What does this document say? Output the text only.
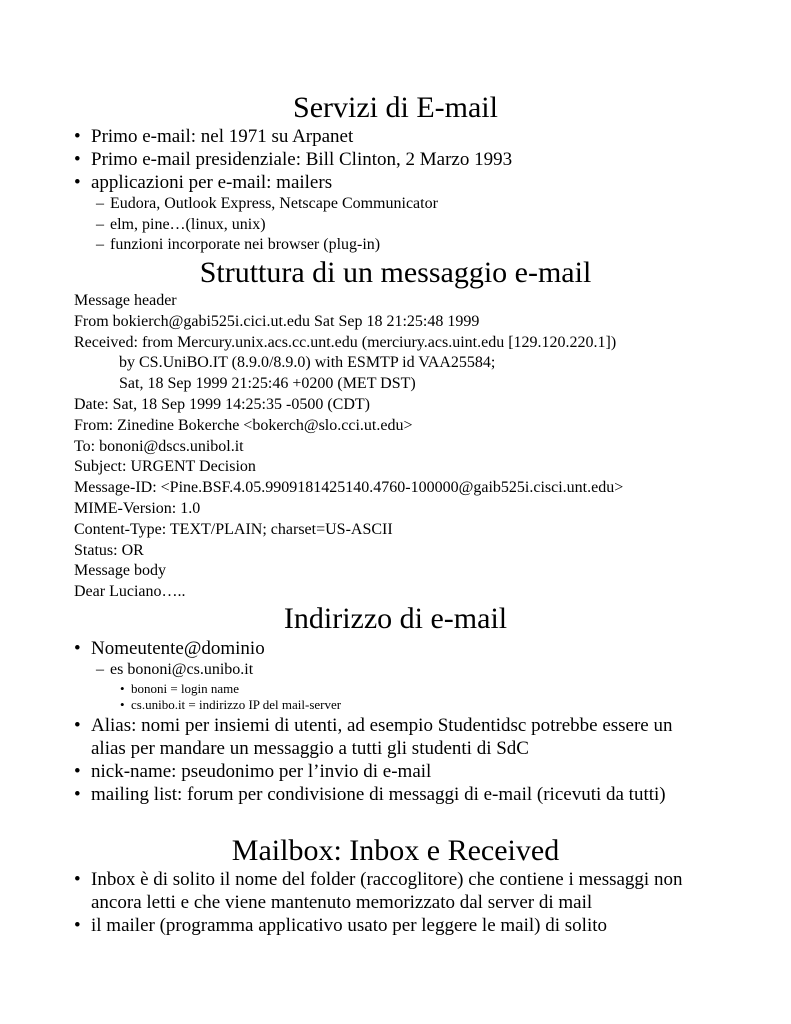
Servizi di E-mail

• Primo e-mail: nel 1971 su Arpanet

• Primo e-mail presidenziale: Bill Clinton, 2 Marzo 1993

• applicazioni per e-mail: mailers

– Eudora, Outlook Express, Netscape Communicator

– elm, pine…(linux, unix)

– funzioni incorporate nei browser (plug-in)

Struttura di un messaggio e-mail

Message header

From bokierch@gabi525i.cici.ut.edu Sat Sep 18 21:25:48 1999

Received: from Mercury.unix.acs.cc.unt.edu (merciury.acs.uint.edu [129.120.220.1])

by CS.UniBO.IT (8.9.0/8.9.0) with ESMTP id VAA25584;

Sat, 18 Sep 1999 21:25:46 +0200 (MET DST)

Date: Sat, 18 Sep 1999 14:25:35 -0500 (CDT)

From: Zinedine Bokerche <bokerch@slo.cci.ut.edu>

To: bononi@dscs.unibol.it

Subject: URGENT Decision

Message-ID: <Pine.BSF.4.05.9909181425140.4760-100000@gaib525i.cisci.unt.edu>

MIME-Version: 1.0

Content-Type: TEXT/PLAIN; charset=US-ASCII

Status: OR

Message body

Dear Luciano…..

Indirizzo di e-mail

• Nomeutente@dominio

– es bononi@cs.unibo.it

• bononi = login name

• cs.unibo.it = indirizzo IP del mail-server

• Alias: nomi per insiemi di utenti, ad esempio Studentidsc potrebbe essere un alias per mandare un messaggio a tutti gli studenti di SdC

• nick-name: pseudonimo per l’invio di e-mail

• mailing list: forum per condivisione di messaggi di e-mail (ricevuti da tutti)

Mailbox: Inbox e Received

• Inbox è di solito il nome del folder (raccoglitore) che contiene i messaggi non ancora letti e che viene mantenuto memorizzato dal server di mail

• il mailer (programma applicativo usato per leggere le mail) di solito
